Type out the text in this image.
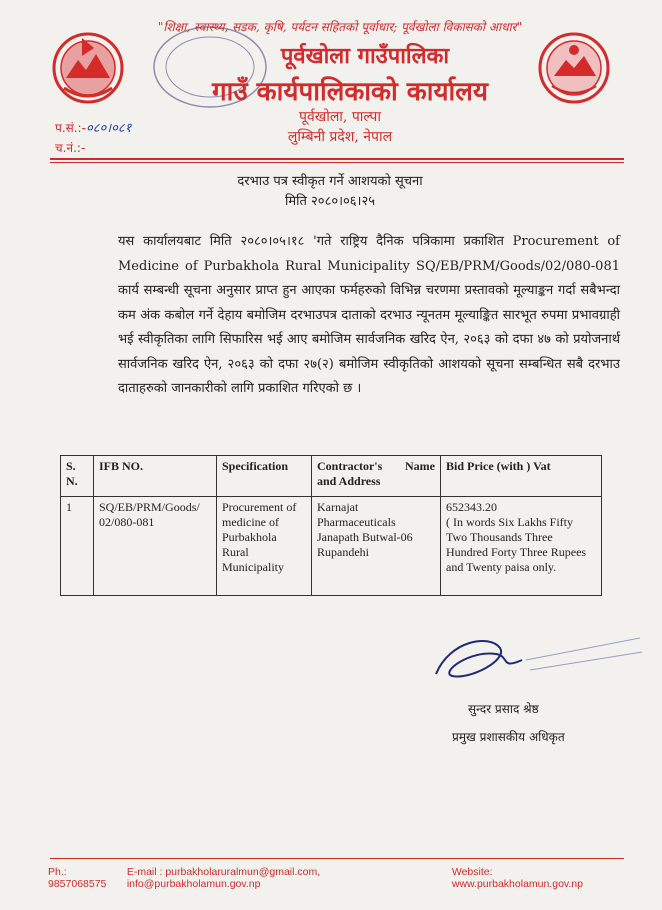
"शिक्षा, स्वास्थ्य, सडक, कृषि, पर्यटन सहितको पूर्वाधार; पूर्वखोला विकासको आधार"
पूर्वखोला गाउँपालिका
गाउँ कार्यपालिकाको कार्यालय
पूर्वखोला, पाल्पा
लुम्बिनी प्रदेश, नेपाल
प.सं.:-०८०।०८१
च.नं.:-
दरभाउ पत्र स्वीकृत गर्ने आशयको सूचना
मिति २०८०।०६।२५
यस कार्यालयबाट मिति २०८०।०५।१८ 'गते राष्ट्रिय दैनिक पत्रिकामा प्रकाशित Procurement of Medicine of Purbakhola Rural Municipality SQ/EB/PRM/Goods/02/080-081 कार्य सम्बन्धी सूचना अनुसार प्राप्त हुन आएका फर्महरुको विभिन्न चरणमा प्रस्तावको मूल्याङ्कन गर्दा सबैभन्दा कम अंक कबोल गर्ने देहाय बमोजिम दरभाउपत्र दाताको दरभाउ न्यूनतम मूल्याङ्कित सारभूत रुपमा प्रभावग्राही भई स्वीकृतिका लागि सिफारिस भई आए बमोजिम सार्वजनिक खरिद ऐन, २०६३ को दफा ४७ को प्रयोजनार्थ सार्वजनिक खरिद ऐन, २०६३ को दफा २७(२) बमोजिम स्वीकृतिको आशयको सूचना सम्बन्धित सबै दरभाउ दाताहरुको जानकारीको लागि प्रकाशित गरिएको छ ।
S. N.	IFB NO.	Specification	Contractor's Name
and Address	Bid Price (with ) Vat
1	SQ/EB/PRM/Goods/ 02/080-081	Procurement of medicine of Purbakhola Rural Municipality	Karnajat Pharmaceuticals Janapath Butwal-06 Rupandehi	652343.20
( In words Six Lakhs Fifty Two Thousands Three Hundred Forty Three Rupees and Twenty paisa only.
सुन्दर प्रसाद श्रेष्ठ
प्रमुख प्रशासकीय अधिकृत
Ph.: 9857068575
E-mail : purbakholaruralmun@gmail.com, info@purbakholamun.gov.np
Website: www.purbakholamun.gov.np
